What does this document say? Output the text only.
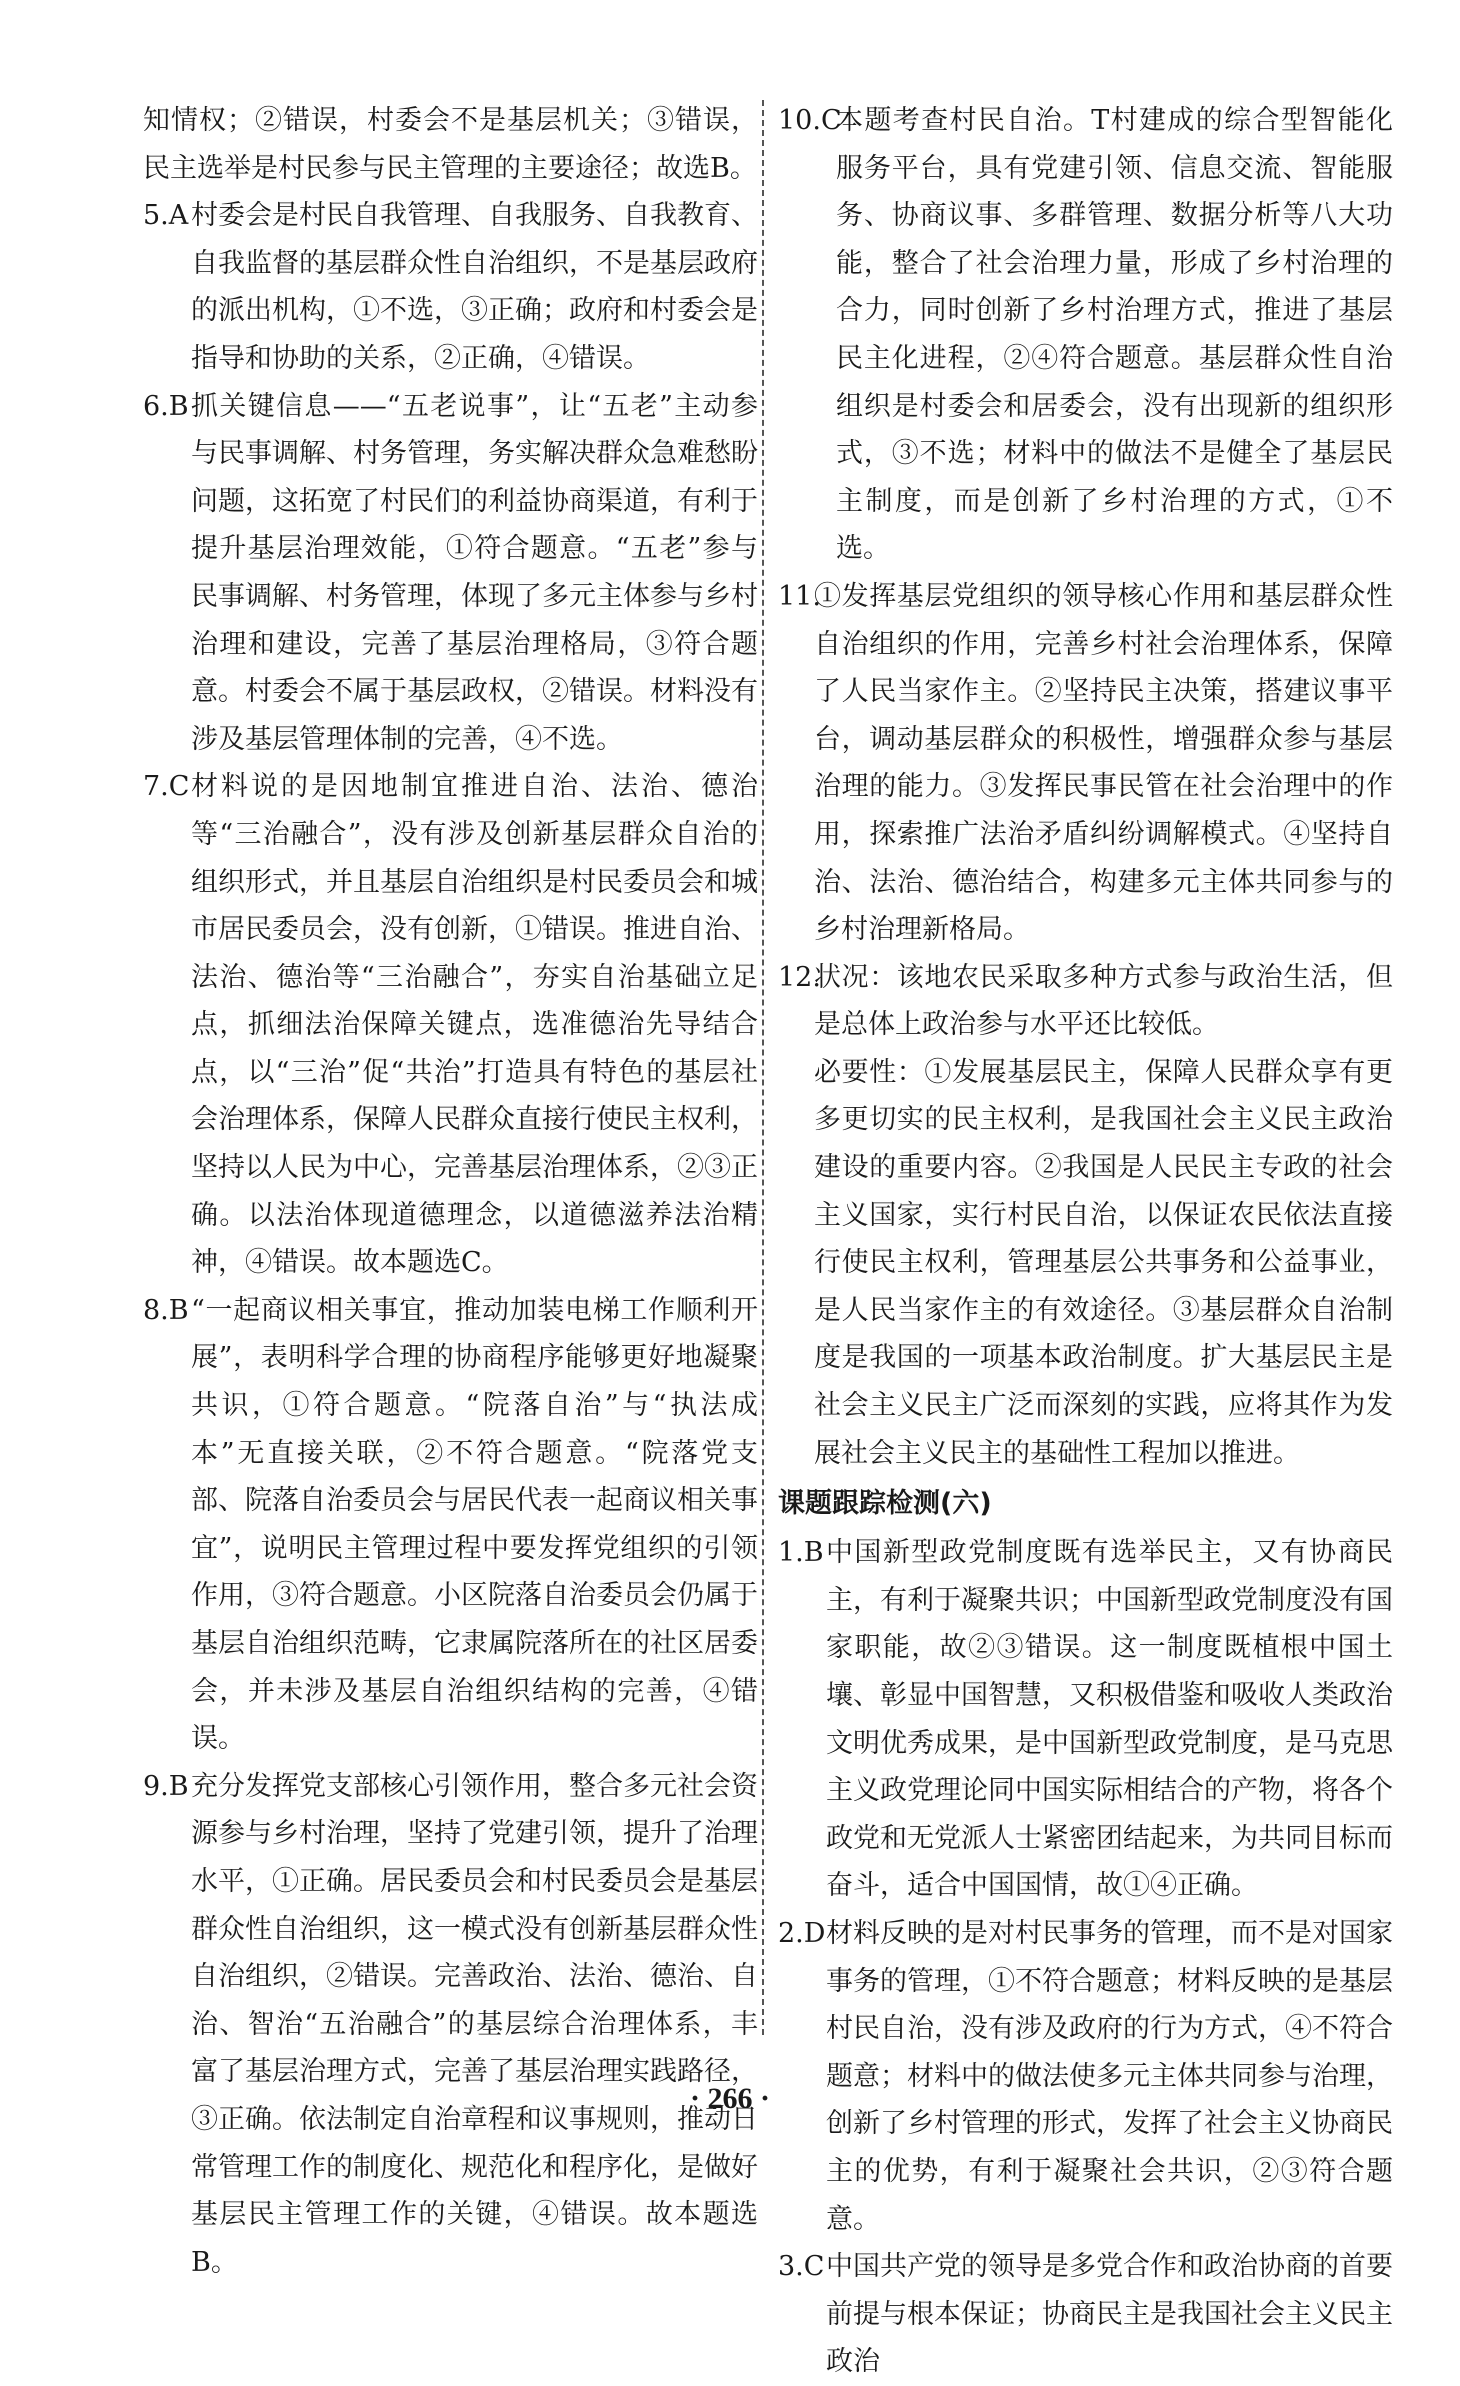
知情权；②错误，村委会不是基层机关；③错误，民主选举是村民参与民主管理的主要途径；故选B。

5.A 村委会是村民自我管理、自我服务、自我教育、自我监督的基层群众性自治组织，不是基层政府的派出机构，①不选，③正确；政府和村委会是指导和协助的关系，②正确，④错误。

6.B 抓关键信息——“五老说事”，让“五老”主动参与民事调解、村务管理，务实解决群众急难愁盼问题，这拓宽了村民们的利益协商渠道，有利于提升基层治理效能，①符合题意。“五老”参与民事调解、村务管理，体现了多元主体参与乡村治理和建设，完善了基层治理格局，③符合题意。村委会不属于基层政权，②错误。材料没有涉及基层管理体制的完善，④不选。

7.C 材料说的是因地制宜推进自治、法治、德治等“三治融合”，没有涉及创新基层群众自治的组织形式，并且基层自治组织是村民委员会和城市居民委员会，没有创新，①错误。推进自治、法治、德治等“三治融合”，夯实自治基础立足点，抓细法治保障关键点，选准德治先导结合点，以“三治”促“共治”打造具有特色的基层社会治理体系，保障人民群众直接行使民主权利，坚持以人民为中心，完善基层治理体系，②③正确。以法治体现道德理念，以道德滋养法治精神，④错误。故本题选C。

8.B “一起商议相关事宜，推动加装电梯工作顺利开展”，表明科学合理的协商程序能够更好地凝聚共识，①符合题意。“院落自治”与“执法成本”无直接关联，②不符合题意。“院落党支部、院落自治委员会与居民代表一起商议相关事宜”，说明民主管理过程中要发挥党组织的引领作用，③符合题意。小区院落自治委员会仍属于基层自治组织范畴，它隶属院落所在的社区居委会，并未涉及基层自治组织结构的完善，④错误。

9.B 充分发挥党支部核心引领作用，整合多元社会资源参与乡村治理，坚持了党建引领，提升了治理水平，①正确。居民委员会和村民委员会是基层群众性自治组织，这一模式没有创新基层群众性自治组织，②错误。完善政治、法治、德治、自治、智治“五治融合”的基层综合治理体系，丰富了基层治理方式，完善了基层治理实践路径，③正确。依法制定自治章程和议事规则，推动日常管理工作的制度化、规范化和程序化，是做好基层民主管理工作的关键，④错误。故本题选B。

10.C
本题考查村民自治。T村建成的综合型智能化服务平台，具有党建引领、信息交流、智能服务、协商议事、多群管理、数据分析等八大功能，整合了社会治理力量，形成了乡村治理的合力，同时创新了乡村治理方式，推进了基层民主化进程，②④符合题意。基层群众性自治组织是村委会和居委会，没有出现新的组织形式，③不选；材料中的做法不是健全了基层民主制度，而是创新了乡村治理的方式，①不选。

11.
①发挥基层党组织的领导核心作用和基层群众性自治组织的作用，完善乡村社会治理体系，保障了人民当家作主。②坚持民主决策，搭建议事平台，调动基层群众的积极性，增强群众参与基层治理的能力。③发挥民事民管在社会治理中的作用，探索推广法治矛盾纠纷调解模式。④坚持自治、法治、德治结合，构建多元主体共同参与的乡村治理新格局。

12.
状况：该地农民采取多种方式参与政治生活，但是总体上政治参与水平还比较低。

必要性：①发展基层民主，保障人民群众享有更多更切实的民主权利，是我国社会主义民主政治建设的重要内容。②我国是人民民主专政的社会主义国家，实行村民自治，以保证农民依法直接行使民主权利，管理基层公共事务和公益事业，是人民当家作主的有效途径。③基层群众自治制度是我国的一项基本政治制度。扩大基层民主是社会主义民主广泛而深刻的实践，应将其作为发展社会主义民主的基础性工程加以推进。

课题跟踪检测(六)

1.B 中国新型政党制度既有选举民主，又有协商民主，有利于凝聚共识；中国新型政党制度没有国家职能，故②③错误。这一制度既植根中国土壤、彰显中国智慧，又积极借鉴和吸收人类政治文明优秀成果，是中国新型政党制度，是马克思主义政党理论同中国实际相结合的产物，将各个政党和无党派人士紧密团结起来，为共同目标而奋斗，适合中国国情，故①④正确。

2.D 材料反映的是对村民事务的管理，而不是对国家事务的管理，①不符合题意；材料反映的是基层村民自治，没有涉及政府的行为方式，④不符合题意；材料中的做法使多元主体共同参与治理，创新了乡村管理的形式，发挥了社会主义协商民主的优势，有利于凝聚社会共识，②③符合题意。

3.C 中国共产党的领导是多党合作和政治协商的首要前提与根本保证；协商民主是我国社会主义民主政治

· 266 ·
